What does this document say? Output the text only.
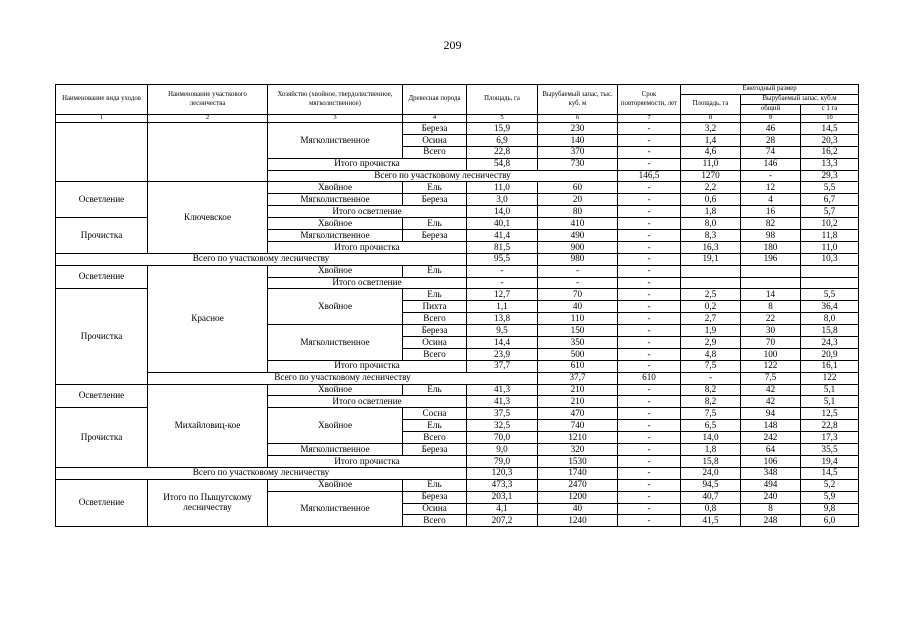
209
Наименование вида уходов	Наименование участкового лесничества	Хозяйство (хвойное, твердолиственное, мягколиственное)	Древесная порода	Площадь, га	Вырубаемый запас, тыс. куб. м	Срок повторяемости, лет	Ежегодный размер			
							Площадь, га	Вырубаемый запас, куб.м		
								общий	с 1 га	
1	2	3	4	5	6	7	8	9	10	
		Мягколиственное	Береза	15,9	230	-	3,2	46	14,5	
			Осина	6,9	140	-	1,4	28	20,3	
			Всего	22,8	370	-	4,6	74	16,2	
		Итого прочистка		54,8	730	-	11,0	146	13,3	
		Всего по участковому лесничеству				146,5	1270	-	29,3		
Осветление	Ключевское	Хвойное	Ель	11,0	60	-	2,2	12	5,5	
		Мягколиственное	Береза	3,0	20	-	0,6	4	6,7	
		Итого осветление		14,0	80	-	1,8	16	5,7	
Прочистка		Хвойное	Ель	40,1	410	-	8,0	82	10,2	
		Мягколиственное	Береза	41,4	490	-	8,3	98	11,8	
		Итого прочистка		81,5	900	-	16,3	180	11,0	
Всего по участковому лесничеству				95,5	980	-	19,1	196	10,3	
Осветление	Красное	Хвойное	Ель	-	-	-				
		Итого осветление		-	-	-				
Прочистка		Хвойное	Ель	12,7	70	-	2,5	14	5,5	
			Пихта	1,1	40	-	0,2	8	36,4	
			Всего	13,8	110	-	2,7	22	8,0	
		Мягколиственное	Береза	9,5	150	-	1,9	30	15,8	
			Осина	14,4	350	-	2,9	70	24,3	
			Всего	23,9	500	-	4,8	100	20,9	
		Итого прочистка		37,7	610	-	7,5	122	16,1	
	Всего по участковому лесничеству				37,7	610	-	7,5	122	
Осветление	Михайловиц-кое	Хвойное	Ель	41,3	210	-	8,2	42	5,1	
		Итого осветление		41,3	210	-	8,2	42	5,1	
Прочистка		Хвойное	Сосна	37,5	470	-	7,5	94	12,5	
			Ель	32,5	740	-	6,5	148	22,8	
			Всего	70,0	1210	-	14,0	242	17,3	
		Мягколиственное	Береза	9,0	320	-	1,8	64	35,5	
		Итого прочистка		79,0	1530	-	15,8	106	19,4	
Всего по участковому лесничеству				120,3	1740	-	24,0	348	14,5	
Осветление	Итого по Пыщугскому лесничеству	Хвойное	Ель	473,3	2470	-	94,5	494	5,2	
		Мягколиственное	Береза	203,1	1200	-	40,7	240	5,9	
			Осина	4,1	40	-	0,8	8	9,8	
			Всего	207,2	1240	-	41,5	248	6,0	
